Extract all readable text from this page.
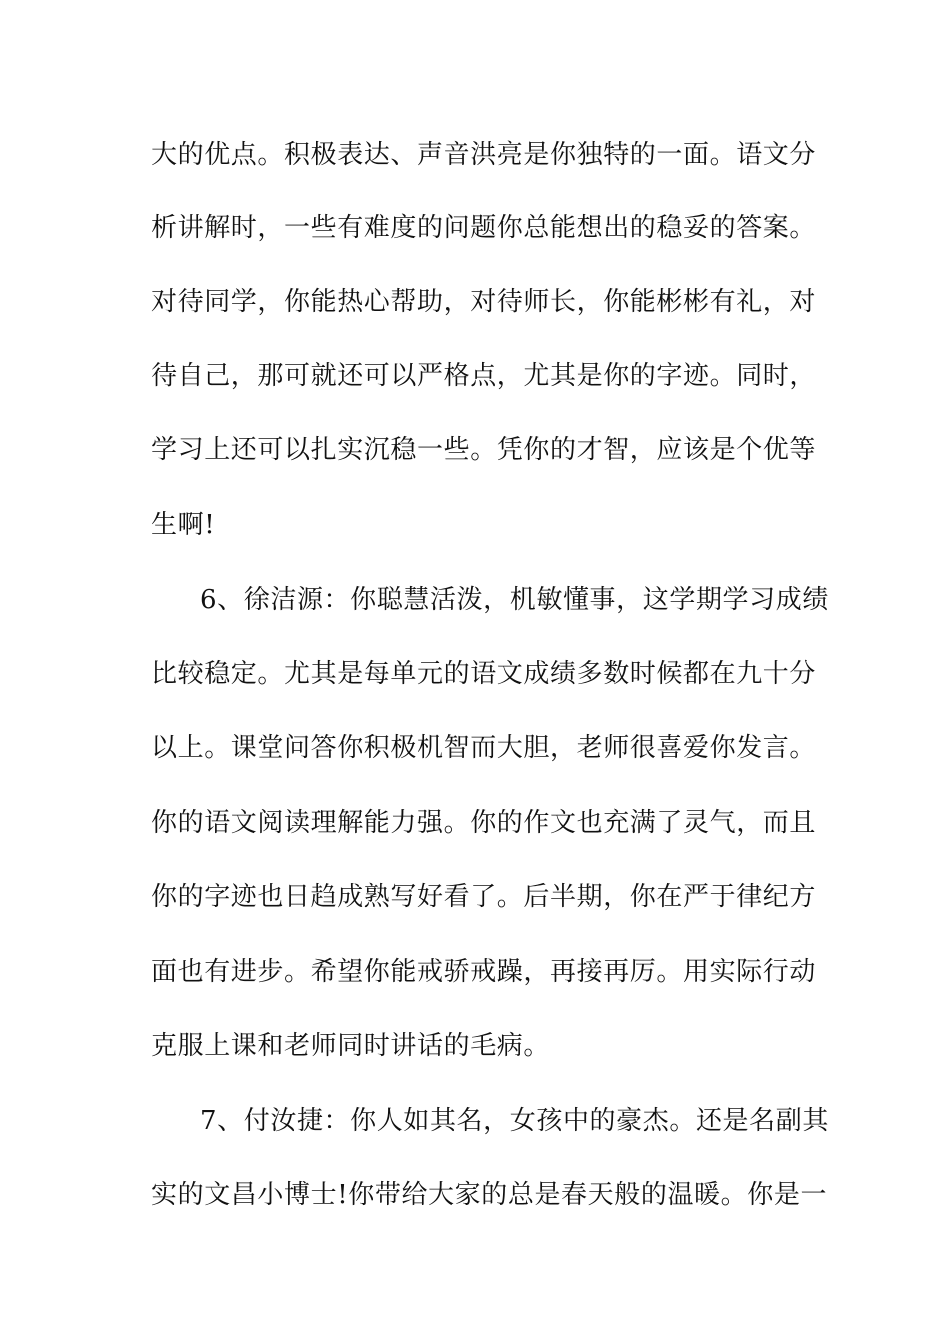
大的优点。积极表达、声音洪亮是你独特的一面。语文分
析讲解时，一些有难度的问题你总能想出的稳妥的答案。
对待同学，你能热心帮助，对待师长，你能彬彬有礼，对
待自己，那可就还可以严格点，尤其是你的字迹。同时，
学习上还可以扎实沉稳一些。凭你的才智，应该是个优等
生啊!
6、徐洁源：你聪慧活泼，机敏懂事，这学期学习成绩
比较稳定。尤其是每单元的语文成绩多数时候都在九十分
以上。课堂问答你积极机智而大胆，老师很喜爱你发言。
你的语文阅读理解能力强。你的作文也充满了灵气，而且
你的字迹也日趋成熟写好看了。后半期，你在严于律纪方
面也有进步。希望你能戒骄戒躁，再接再厉。用实际行动
克服上课和老师同时讲话的毛病。
7、付汝捷：你人如其名，女孩中的豪杰。还是名副其
实的文昌小博士!你带给大家的总是春天般的温暖。你是一
